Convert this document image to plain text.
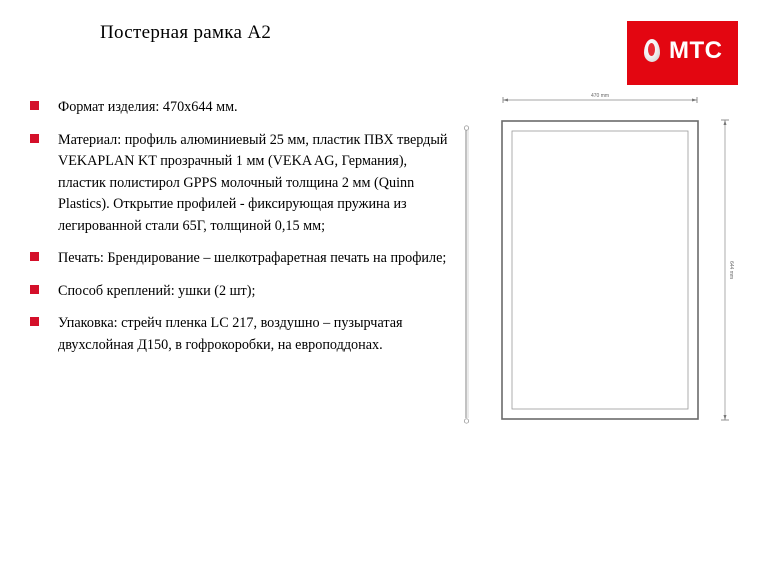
Постерная рамка А2
МТС
Формат изделия: 470х644 мм.
Материал: профиль алюминиевый 25 мм, пластик ПВХ твердый VEKAPLAN KT прозрачный 1 мм (VEKA AG, Германия), пластик полистирол GPPS молочный толщина 2 мм (Quinn Plastics). Открытие профилей - фиксирующая пружина из легированной стали 65Г, толщиной 0,15 мм;
Печать: Брендирование – шелкотрафаретная печать на профиле;
Способ креплений: ушки (2 шт);
Упаковка: стрейч пленка LC 217, воздушно – пузырчатая двухслойная Д150, в гофрокоробки, на европоддонах.
470 mm
644 mm
